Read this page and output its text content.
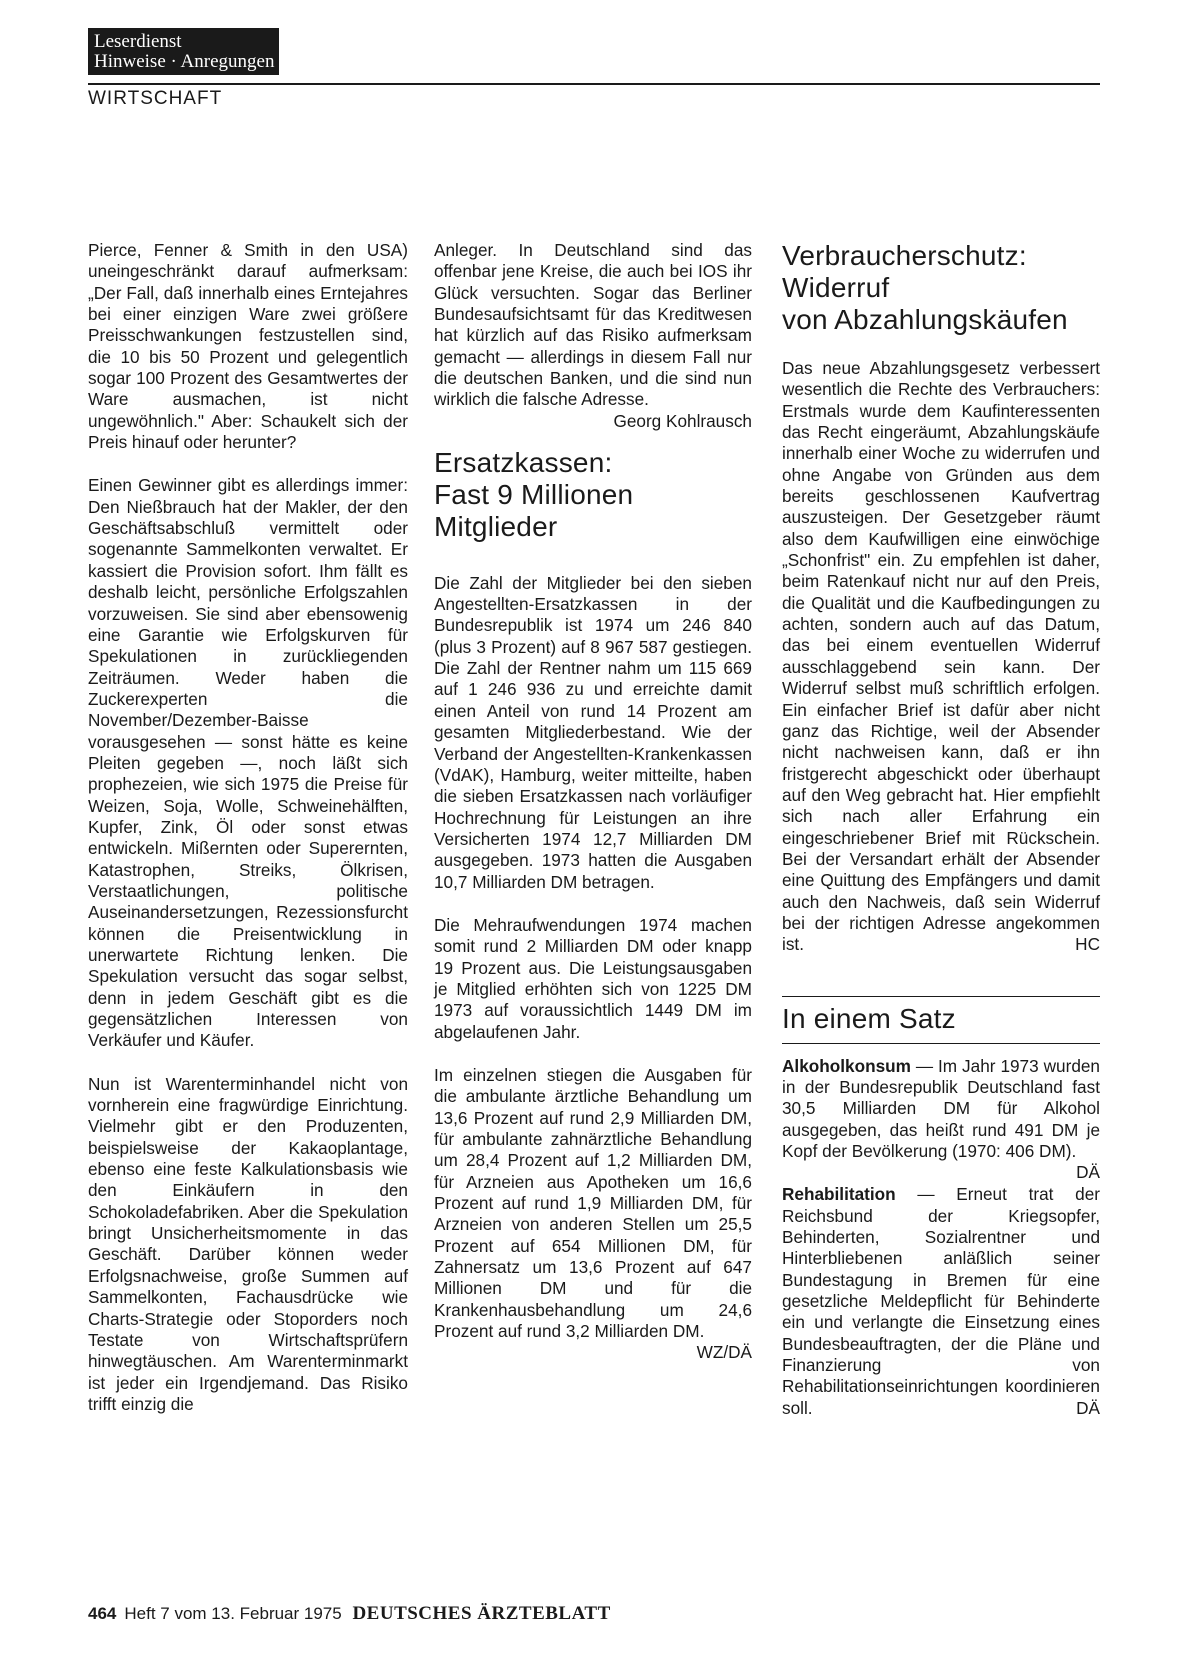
Leserdienst
Hinweise · Anregungen
WIRTSCHAFT

Pierce, Fenner & Smith in den USA) uneingeschränkt darauf aufmerksam: „Der Fall, daß innerhalb eines Erntejahres bei einer einzigen Ware zwei größere Preisschwankungen festzustellen sind, die 10 bis 50 Prozent und gelegentlich sogar 100 Prozent des Gesamtwertes der Ware ausmachen, ist nicht ungewöhnlich." Aber: Schaukelt sich der Preis hinauf oder herunter?

Einen Gewinner gibt es allerdings immer: Den Nießbrauch hat der Makler, der den Geschäftsabschluß vermittelt oder sogenannte Sammelkonten verwaltet. Er kassiert die Provision sofort. Ihm fällt es deshalb leicht, persönliche Erfolgszahlen vorzuweisen. Sie sind aber ebensowenig eine Garantie wie Erfolgskurven für Spekulationen in zurückliegenden Zeiträumen. Weder haben die Zuckerexperten die November/Dezember-Baisse vorausgesehen — sonst hätte es keine Pleiten gegeben —, noch läßt sich prophezeien, wie sich 1975 die Preise für Weizen, Soja, Wolle, Schweinehälften, Kupfer, Zink, Öl oder sonst etwas entwickeln. Mißernten oder Superernten, Katastrophen, Streiks, Ölkrisen, Verstaatlichungen, politische Auseinandersetzungen, Rezessionsfurcht können die Preisentwicklung in unerwartete Richtung lenken. Die Spekulation versucht das sogar selbst, denn in jedem Geschäft gibt es die gegensätzlichen Interessen von Verkäufer und Käufer.

Nun ist Warenterminhandel nicht von vornherein eine fragwürdige Einrichtung. Vielmehr gibt er den Produzenten, beispielsweise der Kakaoplantage, ebenso eine feste Kalkulationsbasis wie den Einkäufern in den Schokoladefabriken. Aber die Spekulation bringt Unsicherheitsmomente in das Geschäft. Darüber können weder Erfolgsnachweise, große Summen auf Sammelkonten, Fachausdrücke wie Charts-Strategie oder Stoporders noch Testate von Wirtschaftsprüfern hinwegtäuschen. Am Warenterminmarkt ist jeder ein Irgendjemand. Das Risiko trifft einzig die

Anleger. In Deutschland sind das offenbar jene Kreise, die auch bei IOS ihr Glück versuchten. Sogar das Berliner Bundesaufsichtsamt für das Kreditwesen hat kürzlich auf das Risiko aufmerksam gemacht — allerdings in diesem Fall nur die deutschen Banken, und die sind nun wirklich die falsche Adresse.
Georg Kohlrausch

Ersatzkassen:
Fast 9 Millionen
Mitglieder

Die Zahl der Mitglieder bei den sieben Angestellten-Ersatzkassen in der Bundesrepublik ist 1974 um 246 840 (plus 3 Prozent) auf 8 967 587 gestiegen. Die Zahl der Rentner nahm um 115 669 auf 1 246 936 zu und erreichte damit einen Anteil von rund 14 Prozent am gesamten Mitgliederbestand. Wie der Verband der Angestellten-Krankenkassen (VdAK), Hamburg, weiter mitteilte, haben die sieben Ersatzkassen nach vorläufiger Hochrechnung für Leistungen an ihre Versicherten 1974 12,7 Milliarden DM ausgegeben. 1973 hatten die Ausgaben 10,7 Milliarden DM betragen.

Die Mehraufwendungen 1974 machen somit rund 2 Milliarden DM oder knapp 19 Prozent aus. Die Leistungsausgaben je Mitglied erhöhten sich von 1225 DM 1973 auf voraussichtlich 1449 DM im abgelaufenen Jahr.

Im einzelnen stiegen die Ausgaben für die ambulante ärztliche Behandlung um 13,6 Prozent auf rund 2,9 Milliarden DM, für ambulante zahnärztliche Behandlung um 28,4 Prozent auf 1,2 Milliarden DM, für Arzneien aus Apotheken um 16,6 Prozent auf rund 1,9 Milliarden DM, für Arzneien von anderen Stellen um 25,5 Prozent auf 654 Millionen DM, für Zahnersatz um 13,6 Prozent auf 647 Millionen DM und für die Krankenhausbehandlung um 24,6 Prozent auf rund 3,2 Milliarden DM.
WZ/DÄ

Verbraucherschutz:
Widerruf
von Abzahlungskäufen

Das neue Abzahlungsgesetz verbessert wesentlich die Rechte des Verbrauchers: Erstmals wurde dem Kaufinteressenten das Recht eingeräumt, Abzahlungskäufe innerhalb einer Woche zu widerrufen und ohne Angabe von Gründen aus dem bereits geschlossenen Kaufvertrag auszusteigen. Der Gesetzgeber räumt also dem Kaufwilligen eine einwöchige „Schonfrist" ein. Zu empfehlen ist daher, beim Ratenkauf nicht nur auf den Preis, die Qualität und die Kaufbedingungen zu achten, sondern auch auf das Datum, das bei einem eventuellen Widerruf ausschlaggebend sein kann. Der Widerruf selbst muß schriftlich erfolgen. Ein einfacher Brief ist dafür aber nicht ganz das Richtige, weil der Absender nicht nachweisen kann, daß er ihn fristgerecht abgeschickt oder überhaupt auf den Weg gebracht hat. Hier empfiehlt sich nach aller Erfahrung ein eingeschriebener Brief mit Rückschein. Bei der Versandart erhält der Absender eine Quittung des Empfängers und damit auch den Nachweis, daß sein Widerruf bei der richtigen Adresse angekommen ist.	HC

In einem Satz

Alkoholkonsum — Im Jahr 1973 wurden in der Bundesrepublik Deutschland fast 30,5 Milliarden DM für Alkohol ausgegeben, das heißt rund 491 DM je Kopf der Bevölkerung (1970: 406 DM).
DÄ

Rehabilitation — Erneut trat der Reichsbund der Kriegsopfer, Behinderten, Sozialrentner und Hinterbliebenen anläßlich seiner Bundestagung in Bremen für eine gesetzliche Meldepflicht für Behinderte ein und verlangte die Einsetzung eines Bundesbeauftragten, der die Pläne und Finanzierung von Rehabilitationseinrichtungen koordinieren soll.	DÄ

464 Heft 7 vom 13. Februar 1975 DEUTSCHES ÄRZTEBLATT
